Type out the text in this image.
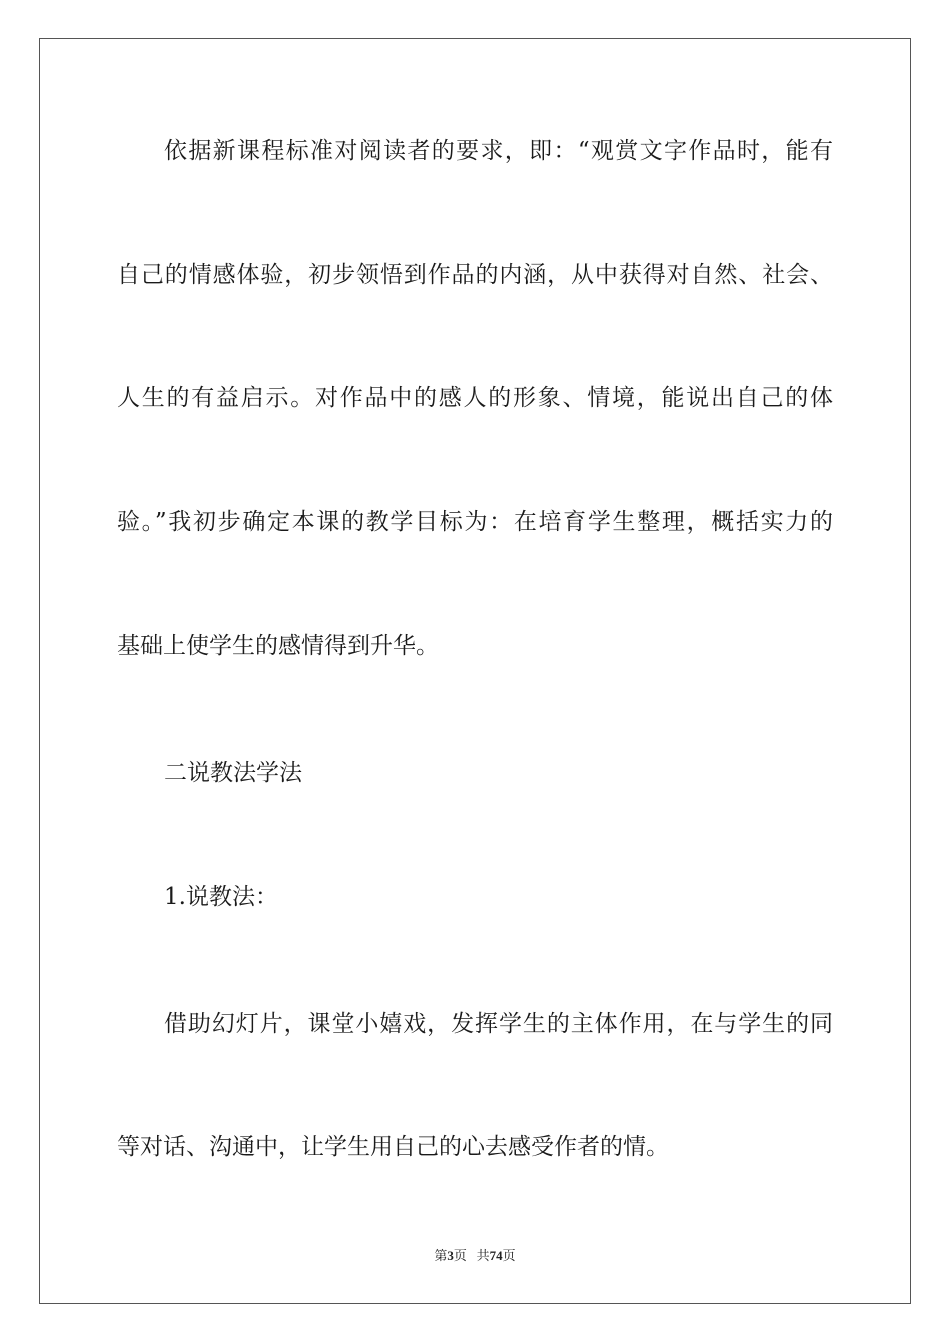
依据新课程标准对阅读者的要求，即：“观赏文字作品时，能有
自己的情感体验，初步领悟到作品的内涵，从中获得对自然、社会、
人生的有益启示。对作品中的感人的形象、情境，能说出自己的体
验。”我初步确定本课的教学目标为：在培育学生整理，概括实力的
基础上使学生的感情得到升华。
二说教法学法
1.说教法：
借助幻灯片，课堂小嬉戏，发挥学生的主体作用，在与学生的同
等对话、沟通中，让学生用自己的心去感受作者的情。
第3页 共74页
